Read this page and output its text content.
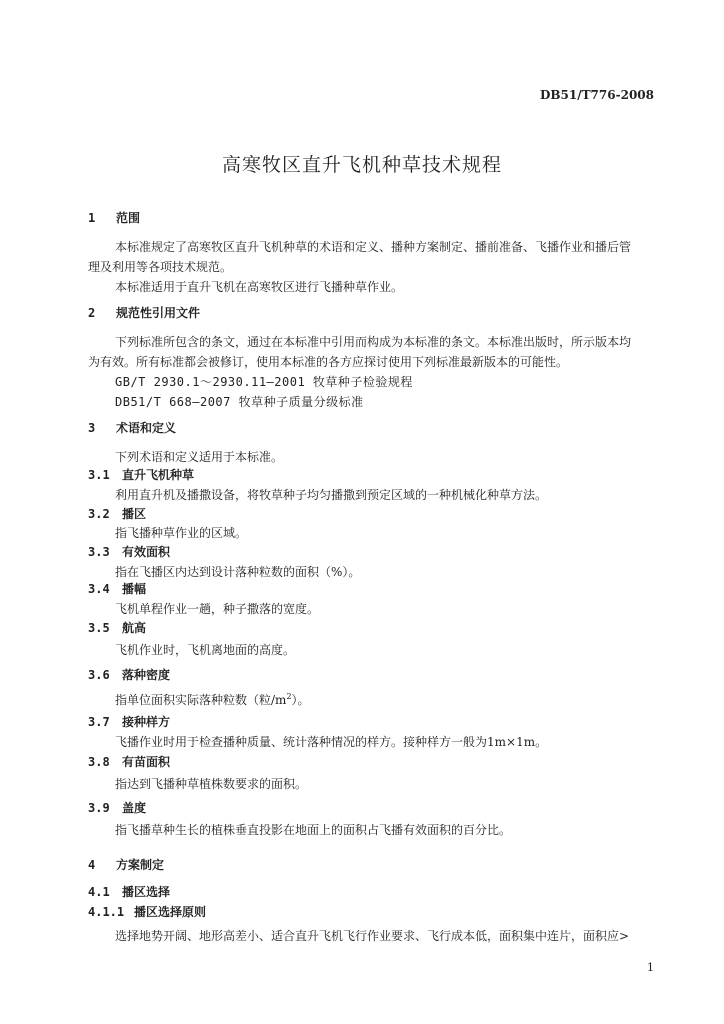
DB51/T776-2008
高寒牧区直升飞机种草技术规程
1 范围
本标准规定了高寒牧区直升飞机种草的术语和定义、播种方案制定、播前准备、飞播作业和播后管
理及利用等各项技术规范。
本标准适用于直升飞机在高寒牧区进行飞播种草作业。
2 规范性引用文件
下列标准所包含的条文，通过在本标准中引用而构成为本标准的条文。本标准出版时，所示版本均
为有效。所有标准都会被修订，使用本标准的各方应探讨使用下列标准最新版本的可能性。
GB/T 2930.1～2930.11—2001 牧草种子检验规程
DB51/T 668—2007 牧草种子质量分级标准
3 术语和定义
下列术语和定义适用于本标准。
3.1 直升飞机种草
利用直升机及播撒设备，将牧草种子均匀播撒到预定区域的一种机械化种草方法。
3.2 播区
指飞播种草作业的区域。
3.3 有效面积
指在飞播区内达到设计落种粒数的面积（%）。
3.4 播幅
飞机单程作业一趟，种子撒落的宽度。
3.5 航高
飞机作业时，飞机离地面的高度。
3.6 落种密度
指单位面积实际落种粒数（粒$/m^2$）。
3.7 接种样方
飞播作业时用于检查播种质量、统计落种情况的样方。接种样方一般为1m×1m。
3.8 有苗面积
指达到飞播种草植株数要求的面积。
3.9 盖度
指飞播草种生长的植株垂直投影在地面上的面积占飞播有效面积的百分比。
4 方案制定
4.1 播区选择
4.1.1 播区选择原则
选择地势开阔、地形高差小、适合直升飞机飞行作业要求、飞行成本低，面积集中连片，面积应>
1
